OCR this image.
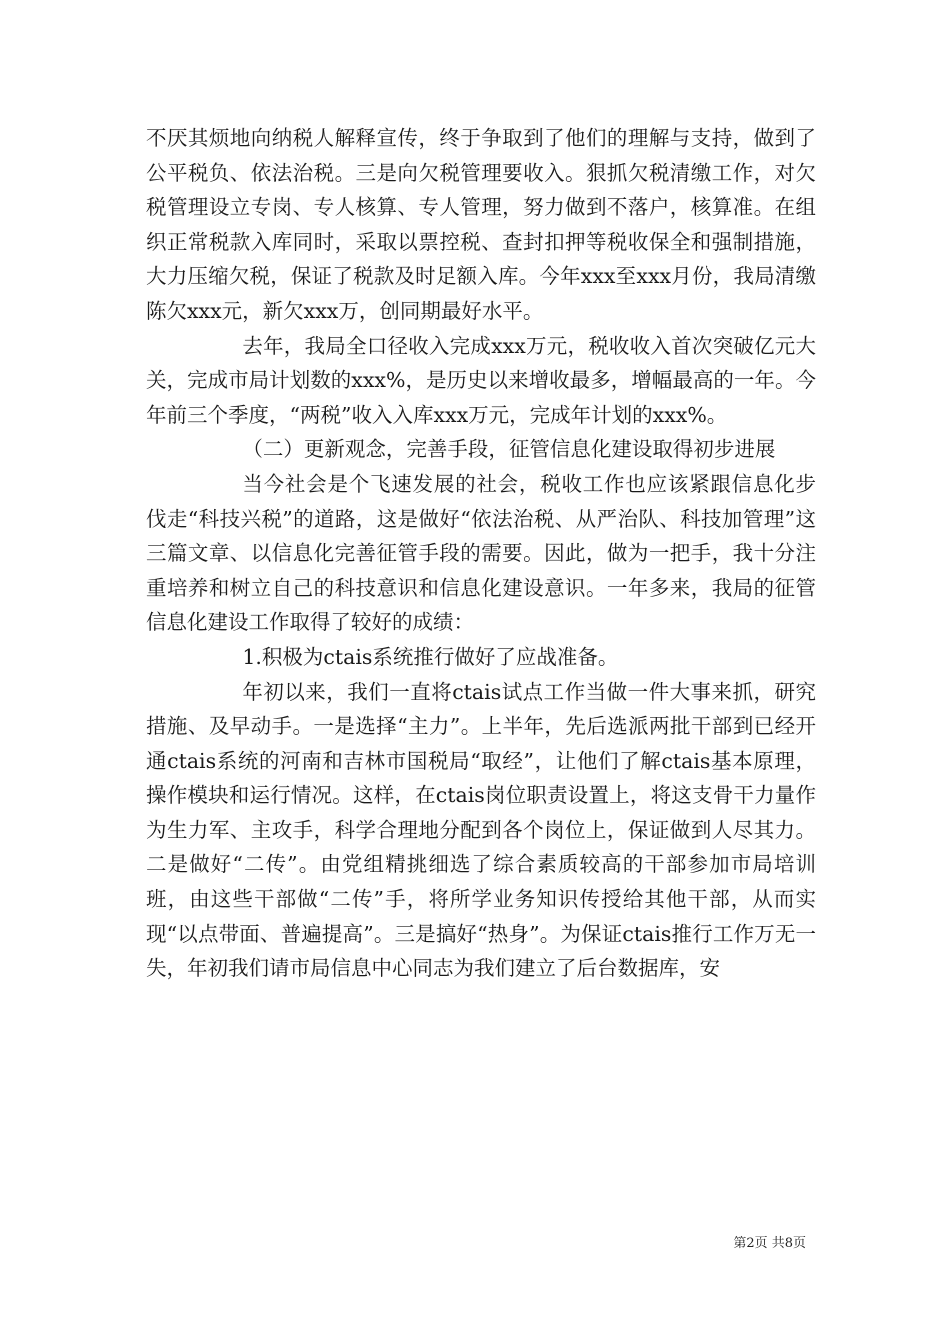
不厌其烦地向纳税人解释宣传，终于争取到了他们的理解与支持，做到了公平税负、依法治税。三是向欠税管理要收入。狠抓欠税清缴工作，对欠税管理设立专岗、专人核算、专人管理，努力做到不落户，核算准。在组织正常税款入库同时，采取以票控税、查封扣押等税收保全和强制措施，大力压缩欠税，保证了税款及时足额入库。今年xxx至xxx月份，我局清缴陈欠xxx元，新欠xxx万，创同期最好水平。

去年，我局全口径收入完成xxx万元，税收收入首次突破亿元大关，完成市局计划数的xxx%，是历史以来增收最多，增幅最高的一年。今年前三个季度，“两税”收入入库xxx万元，完成年计划的xxx%。

（二）更新观念，完善手段，征管信息化建设取得初步进展

当今社会是个飞速发展的社会，税收工作也应该紧跟信息化步伐走“科技兴税”的道路，这是做好“依法治税、从严治队、科技加管理”这三篇文章、以信息化完善征管手段的需要。因此，做为一把手，我十分注重培养和树立自己的科技意识和信息化建设意识。一年多来，我局的征管信息化建设工作取得了较好的成绩：

1.积极为ctais系统推行做好了应战准备。

年初以来，我们一直将ctais试点工作当做一件大事来抓，研究措施、及早动手。一是选择“主力”。上半年，先后选派两批干部到已经开通ctais系统的河南和吉林市国税局“取经”，让他们了解ctais基本原理，操作模块和运行情况。这样，在ctais岗位职责设置上，将这支骨干力量作为生力军、主攻手，科学合理地分配到各个岗位上，保证做到人尽其力。二是做好“二传”。由党组精挑细选了综合素质较高的干部参加市局培训班，由这些干部做“二传”手，将所学业务知识传授给其他干部，从而实现“以点带面、普遍提高”。三是搞好“热身”。为保证ctais推行工作万无一失，年初我们请市局信息中心同志为我们建立了后台数据库，安

第2页 共8页
